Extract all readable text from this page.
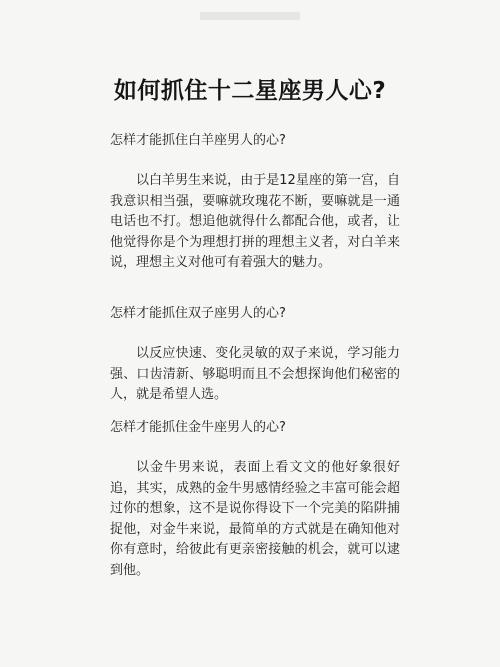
如何抓住十二星座男人心?

怎样才能抓住白羊座男人的心?

以白羊男生来说，由于是12星座的第一宫，自我意识相当强，要嘛就玫瑰花不断，要嘛就是一通电话也不打。想追他就得什么都配合他，或者，让他觉得你是个为理想打拼的理想主义者，对白羊来说，理想主义对他可有着强大的魅力。

怎样才能抓住双子座男人的心?

以反应快速、变化灵敏的双子来说，学习能力强、口齿清新、够聪明而且不会想探询他们秘密的人，就是希望人选。

怎样才能抓住金牛座男人的心?

以金牛男来说，表面上看文文的他好象很好追，其实，成熟的金牛男感情经验之丰富可能会超过你的想象，这不是说你得设下一个完美的陷阱捕捉他，对金牛来说，最简单的方式就是在确知他对你有意时，给彼此有更亲密接触的机会，就可以逮到他。
